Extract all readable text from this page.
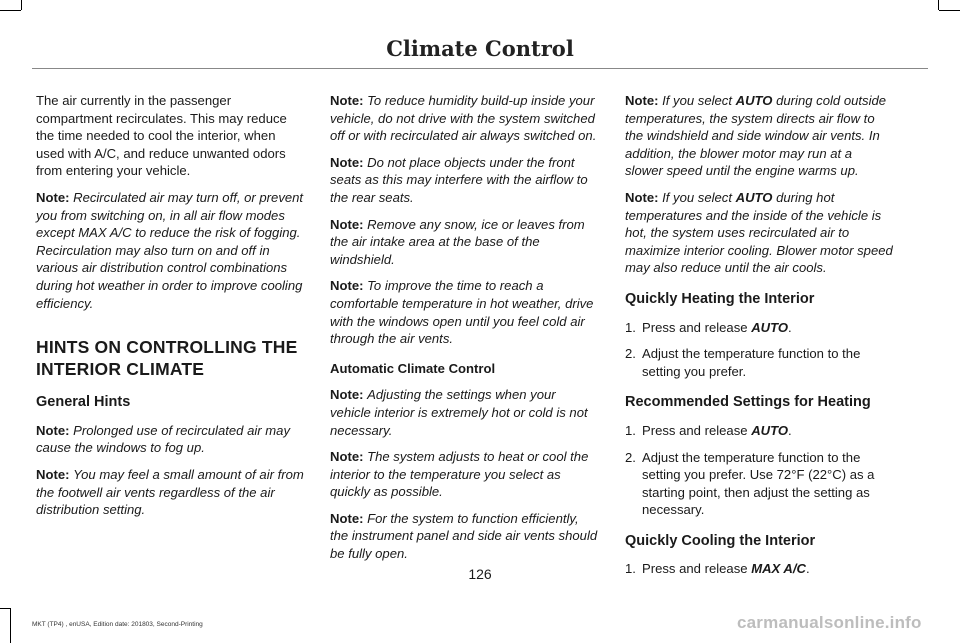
Climate Control

The air currently in the passenger compartment recirculates. This may reduce the time needed to cool the interior, when used with A/C, and reduce unwanted odors from entering your vehicle.

Note: Recirculated air may turn off, or prevent you from switching on, in all air flow modes except MAX A/C to reduce the risk of fogging. Recirculation may also turn on and off in various air distribution control combinations during hot weather in order to improve cooling efficiency.

HINTS ON CONTROLLING THE INTERIOR CLIMATE
General Hints

Note: Prolonged use of recirculated air may cause the windows to fog up.

Note: You may feel a small amount of air from the footwell air vents regardless of the air distribution setting.

Note: To reduce humidity build-up inside your vehicle, do not drive with the system switched off or with recirculated air always switched on.

Note: Do not place objects under the front seats as this may interfere with the airflow to the rear seats.

Note: Remove any snow, ice or leaves from the air intake area at the base of the windshield.

Note: To improve the time to reach a comfortable temperature in hot weather, drive with the windows open until you feel cold air through the air vents.

Automatic Climate Control

Note: Adjusting the settings when your vehicle interior is extremely hot or cold is not necessary.

Note: The system adjusts to heat or cool the interior to the temperature you select as quickly as possible.

Note: For the system to function efficiently, the instrument panel and side air vents should be fully open.

Note: If you select AUTO during cold outside temperatures, the system directs air flow to the windshield and side window air vents. In addition, the blower motor may run at a slower speed until the engine warms up.

Note: If you select AUTO during hot temperatures and the inside of the vehicle is hot, the system uses recirculated air to maximize interior cooling. Blower motor speed may also reduce until the air cools.

Quickly Heating the Interior
1. Press and release AUTO.
2. Adjust the temperature function to the setting you prefer.
Recommended Settings for Heating
1. Press and release AUTO.
2. Adjust the temperature function to the setting you prefer. Use 72°F (22°C) as a starting point, then adjust the setting as necessary.
Quickly Cooling the Interior
1. Press and release MAX A/C.
126
MKT (TP4) , enUSA, Edition date: 201803, Second-Printing	carmanualsonline.info
